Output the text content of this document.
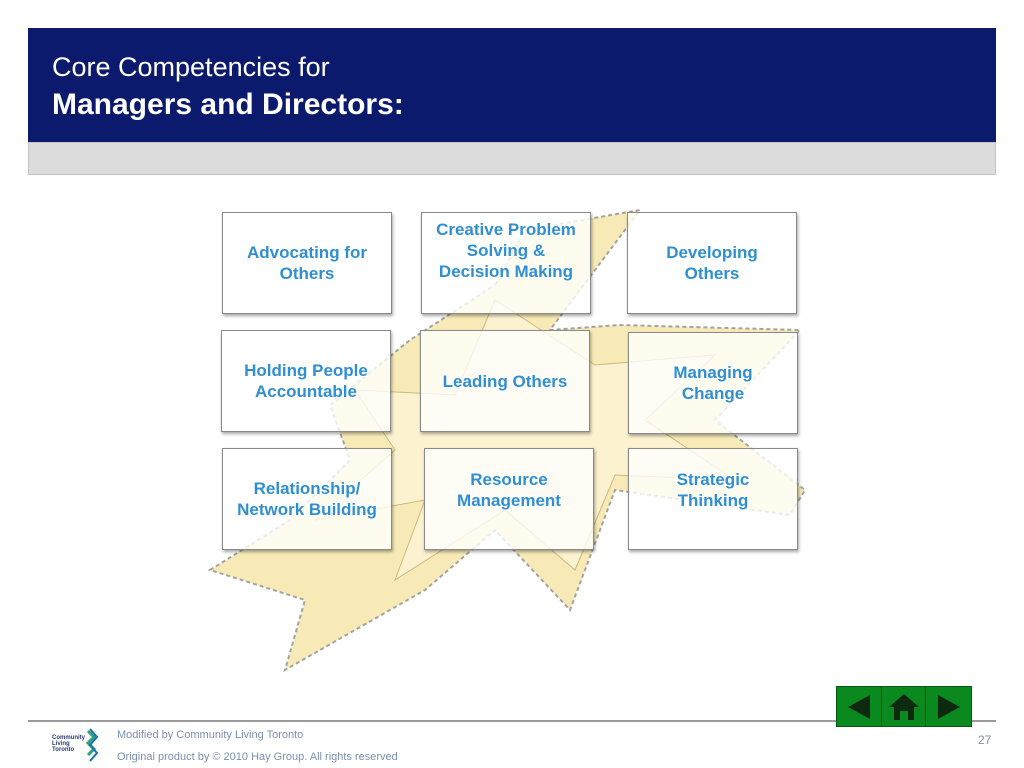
Core Competencies for
Managers and Directors:
Advocating for
Others
Creative Problem
Solving &
Decision Making
Developing
Others
Holding People
Accountable
Leading Others	Managing
Change
Relationship/
Network Building
Resource
Management
Strategic
Thinking
Community
Living
Toronto
Modified by Community Living Toronto
Original product by © 2010 Hay Group. All rights reserved
27
